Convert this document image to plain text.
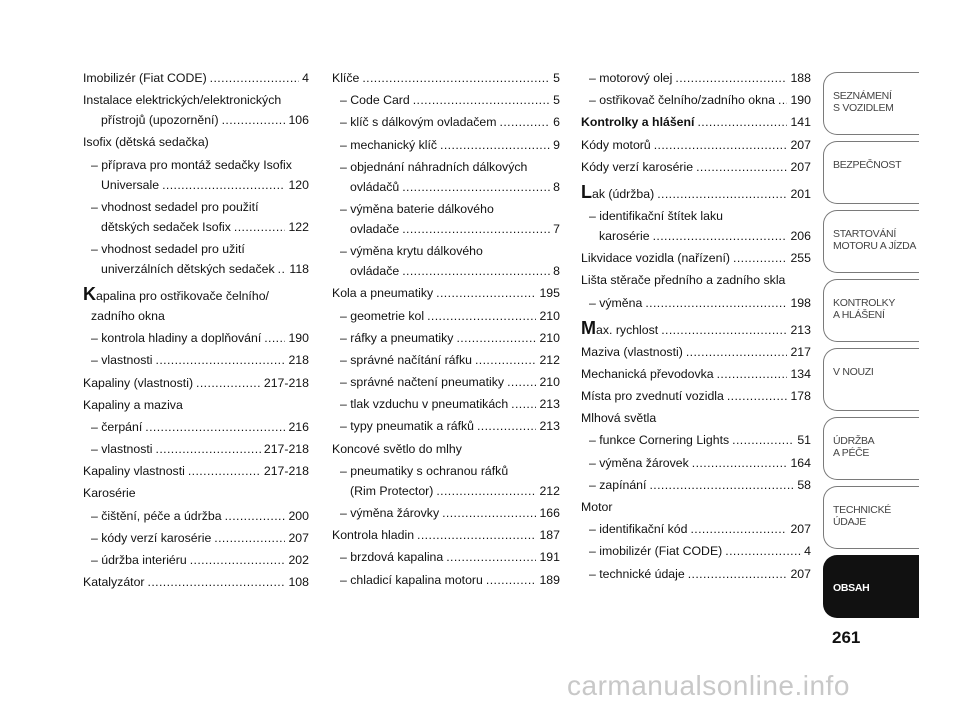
Imobilizér (Fiat CODE) .....	4
Instalace elektrických/elektronických
přístrojů (upozornění) .....	106
Isofix (dětská sedačka)
– příprava pro montáž sedačky Isofix
Universale .....	120
– vhodnost sedadel pro použití
dětských sedaček Isofix .....	122
– vhodnost sedadel pro užití
univerzálních dětských sedaček ..... 118
Kapalina pro ostřikovače čelního/
zadního okna
– kontrola hladiny a doplňování ..... 190
– vlastnosti .....	218
Kapaliny (vlastnosti) .....	217-218
Kapaliny a maziva
– čerpání .....	216
– vlastnosti .....	217-218
Kapaliny vlastnosti .....	217-218
Karosérie
– čištění, péče a údržba .....	200
– kódy verzí karosérie .....	207
– údržba interiéru .....	202
Katalyzátor .....	108
Klíče .....	5
– Code Card .....	5
– klíč s dálkovým ovladačem .....	6
– mechanický klíč .....	9
– objednání náhradních dálkových
ovládačů .....	8
– výměna baterie dálkového
ovladače .....	7
– výměna krytu dálkového
ovládače .....	8
Kola a pneumatiky .....	195
– geometrie kol .....	210
– ráfky a pneumatiky .....	210
– správné načítání ráfku .....	212
– správné načtení pneumatiky .....	210
– tlak vzduchu v pneumatikách .....	213
– typy pneumatik a ráfků .....	213
Koncové světlo do mlhy
– pneumatiky s ochranou ráfků
(Rim Protector) .....	212
– výměna žárovky .....	166
Kontrola hladin .....	187
– brzdová kapalina .....	191
– chladicí kapalina motoru .....	189
– motorový olej .....	188
– ostřikovač čelního/zadního okna ..... 190
Kontrolky a hlášení .....	141
Kódy motorů .....	207
Kódy verzí karosérie .....	207
Lak (údržba) .....	201
– identifikační štítek laku
karosérie .....	206
Likvidace vozidla (nařízení) .....	255
Lišta stěrače předního a zadního skla
– výměna .....	198
Max. rychlost .....	213
Maziva (vlastnosti) .....	217
Mechanická převodovka .....	134
Místa pro zvednutí vozidla .....	178
Mlhová světla
– funkce Cornering Lights .....	51
– výměna žárovek .....	164
– zapínání .....	58
Motor
– identifikační kód .....	207
– imobilizér (Fiat CODE) .....	4
– technické údaje .....	207
SEZNÁMENÍ
S VOZIDLEM
BEZPEČNOST
STARTOVÁNÍ
MOTORU A JÍZDA
KONTROLKY
A HLÁŠENÍ
V NOUZI
ÚDRŽBA
A PÉČE
TECHNICKÉ
ÚDAJE
OBSAH
261
carmanualsonline.info
